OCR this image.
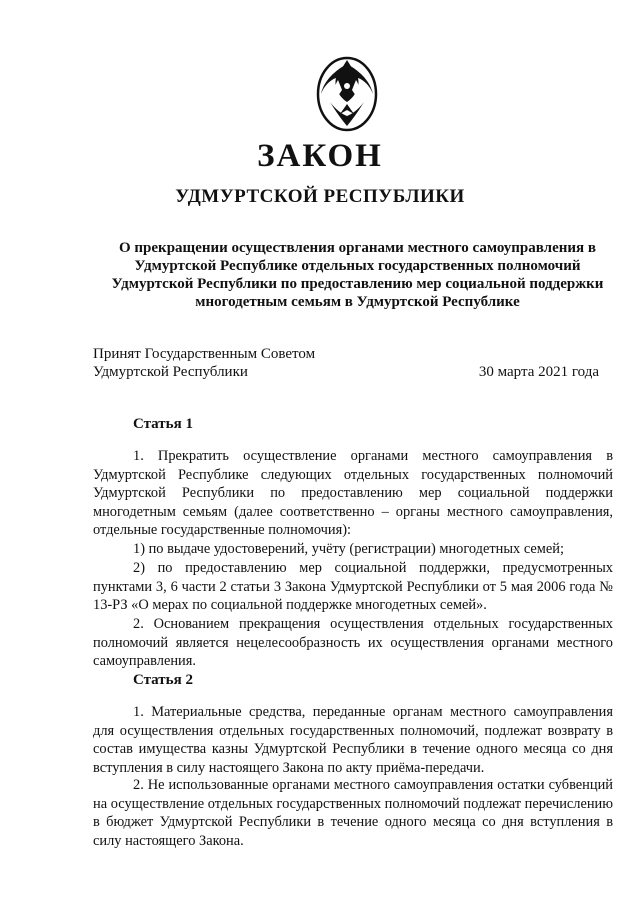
ЗАКОН
УДМУРТСКОЙ РЕСПУБЛИКИ
О прекращении осуществления органами местного самоуправления в Удмуртской Республике отдельных государственных полномочий Удмуртской Республики по предоставлению мер социальной поддержки многодетным семьям в Удмуртской Республике
Принят Государственным Советом
Удмуртской Республики	30 марта 2021 года
Статья 1

1. Прекратить осуществление органами местного самоуправления в Удмуртской Республике следующих отдельных государственных полномочий Удмуртской Республики по предоставлению мер социальной поддержки многодетным семьям (далее соответственно – органы местного самоуправления, отдельные государственные полномочия):

1) по выдаче удостоверений, учёту (регистрации) многодетных семей;

2) по предоставлению мер социальной поддержки, предусмотренных пунктами 3, 6 части 2 статьи 3 Закона Удмуртской Республики от 5 мая 2006 года № 13-РЗ «О мерах по социальной поддержке многодетных семей».

2. Основанием прекращения осуществления отдельных государственных полномочий является нецелесообразность их осуществления органами местного самоуправления.

Статья 2

1. Материальные средства, переданные органам местного самоуправления для осуществления отдельных государственных полномочий, подлежат возврату в состав имущества казны Удмуртской Республики в течение одного месяца со дня вступления в силу настоящего Закона по акту приёма-передачи.

2. Не использованные органами местного самоуправления остатки субвенций на осуществление отдельных государственных полномочий подлежат перечислению в бюджет Удмуртской Республики в течение одного месяца со дня вступления в силу настоящего Закона.
